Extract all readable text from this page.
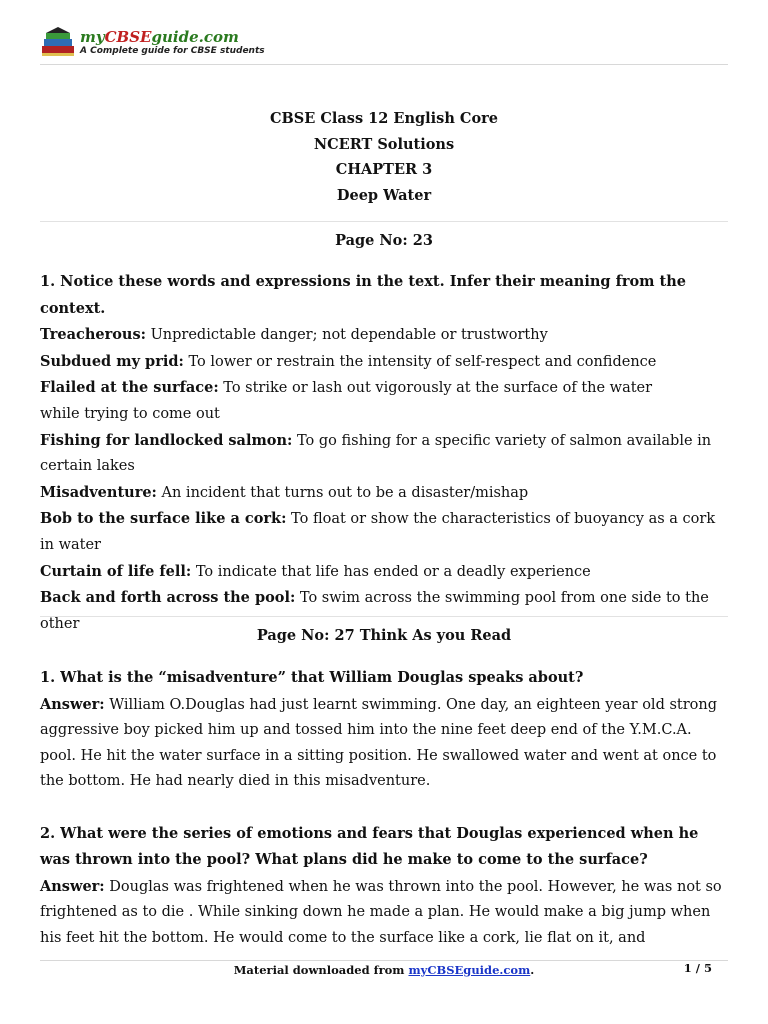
myCBSEguide.com
A Complete guide for CBSE students
CBSE Class 12 English Core
NCERT Solutions
CHAPTER 3
Deep Water
Page No: 23

1. Notice these words and expressions in the text. Infer their meaning from the context.

Treacherous: Unpredictable danger; not dependable or trustworthy

Subdued my prid: To lower or restrain the intensity of self-respect and confidence

Flailed at the surface: To strike or lash out vigorously at the surface of the water
while trying to come out

Fishing for landlocked salmon: To go fishing for a specific variety of salmon available in certain lakes

Misadventure: An incident that turns out to be a disaster/mishap

Bob to the surface like a cork: To float or show the characteristics of buoyancy as a cork in water

Curtain of life fell: To indicate that life has ended or a deadly experience

Back and forth across the pool: To swim across the swimming pool from one side to the other

Page No: 27 Think As you Read

1. What is the “misadventure” that William Douglas speaks about?

Answer: William O.Douglas had just learnt swimming. One day, an eighteen year old strong aggressive boy picked him up and tossed him into the nine feet deep end of the Y.M.C.A. pool. He hit the water surface in a sitting position. He swallowed water and went at once to the bottom. He had nearly died in this misadventure.

2. What were the series of emotions and fears that Douglas experienced when he was thrown into the pool? What plans did he make to come to the surface?

Answer: Douglas was frightened when he was thrown into the pool. However, he was not so frightened as to die . While sinking down he made a plan. He would make a big jump when his feet hit the bottom. He would come to the surface like a cork, lie flat on it, and

Material downloaded from myCBSEguide.com.	1 / 5
